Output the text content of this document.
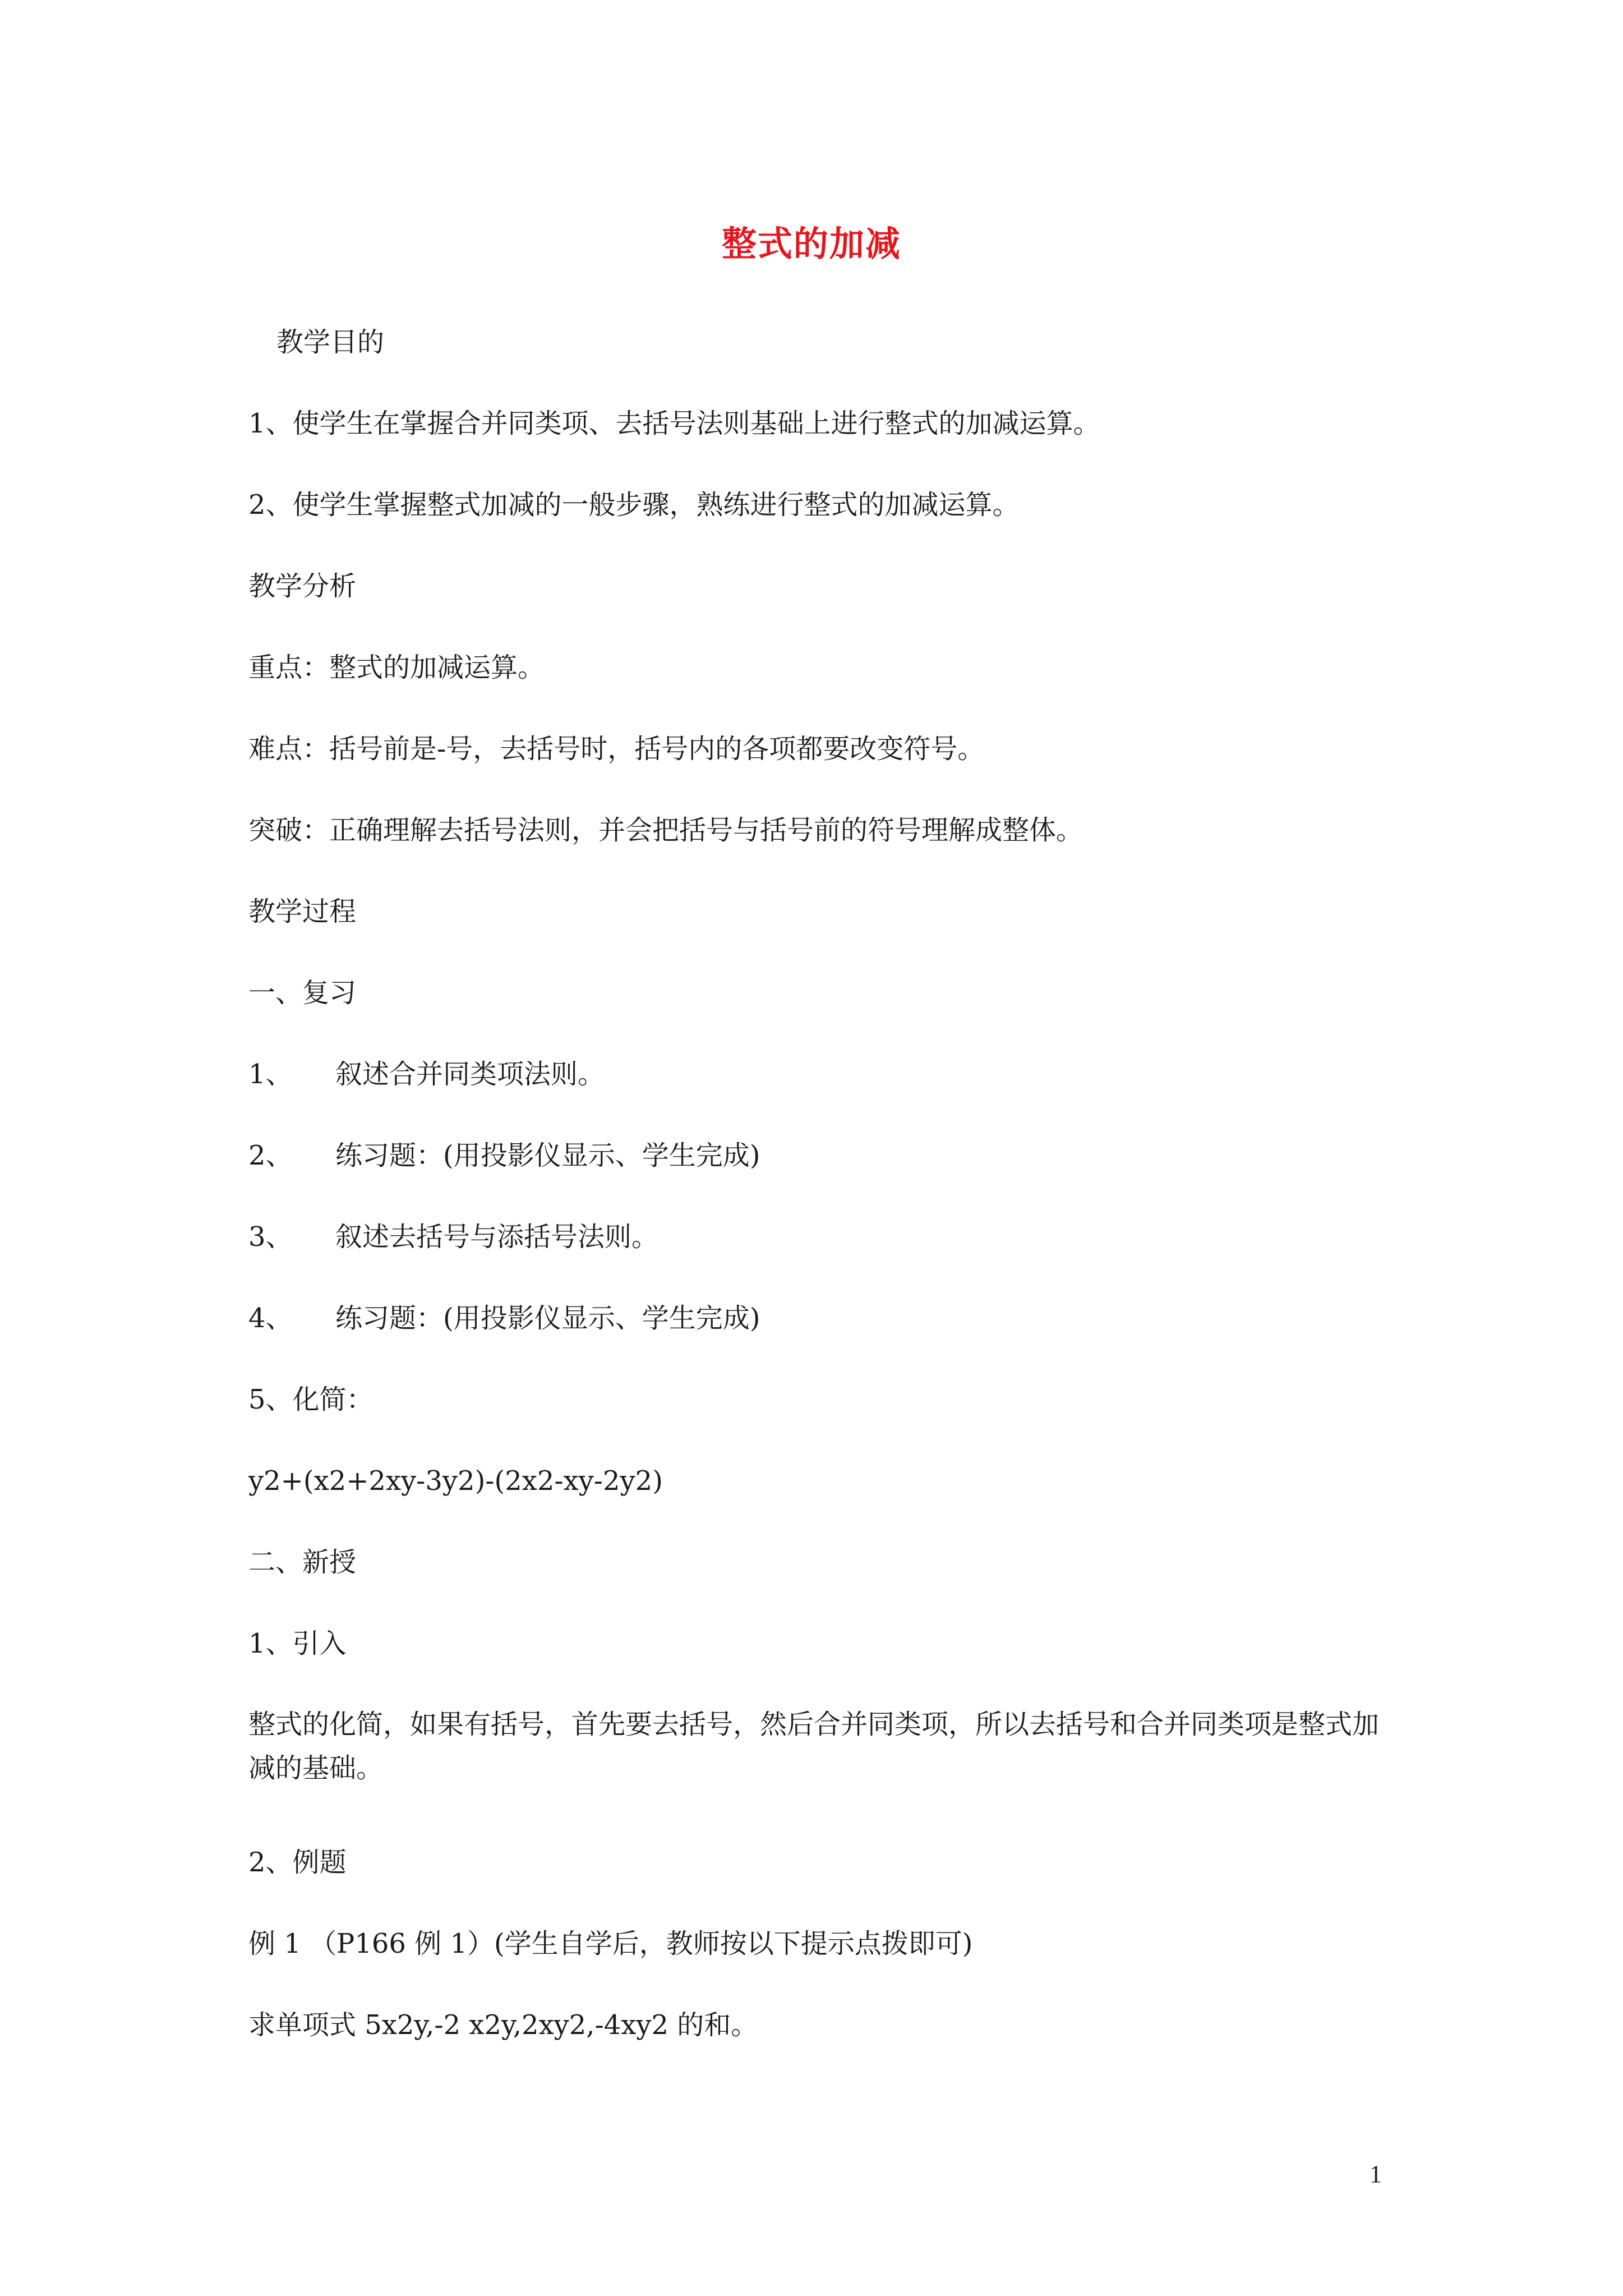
整式的加减
教学目的
1、使学生在掌握合并同类项、去括号法则基础上进行整式的加减运算。
2、使学生掌握整式加减的一般步骤，熟练进行整式的加减运算。
教学分析
重点：整式的加减运算。
难点：括号前是-号，去括号时，括号内的各项都要改变符号。
突破：正确理解去括号法则，并会把括号与括号前的符号理解成整体。
教学过程
一、复习
1、 叙述合并同类项法则。
2、 练习题：(用投影仪显示、学生完成)
3、 叙述去括号与添括号法则。
4、 练习题：(用投影仪显示、学生完成)
5、化简：
y2+(x2+2xy-3y2)-(2x2-xy-2y2)
二、新授
1、引入
整式的化简，如果有括号，首先要去括号，然后合并同类项，所以去括号和合并同类项是整式加减的基础。
2、例题
例 1 （P166 例 1）(学生自学后，教师按以下提示点拨即可)
求单项式 5x2y,-2 x2y,2xy2,-4xy2 的和。
1
